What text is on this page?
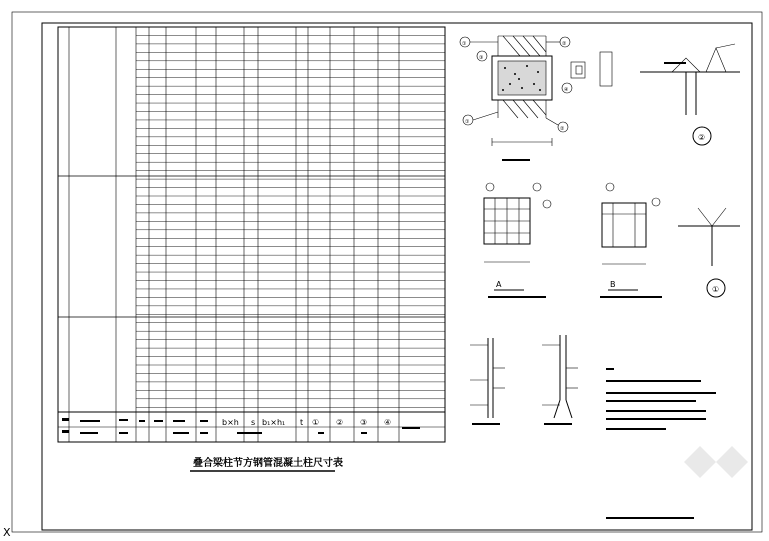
X
b×h s b₁×h₁ t ① ② ③ ④
叠合梁柱节方钢管混凝土柱尺寸表
①	②
③
④
①
②
②
A	B
①
